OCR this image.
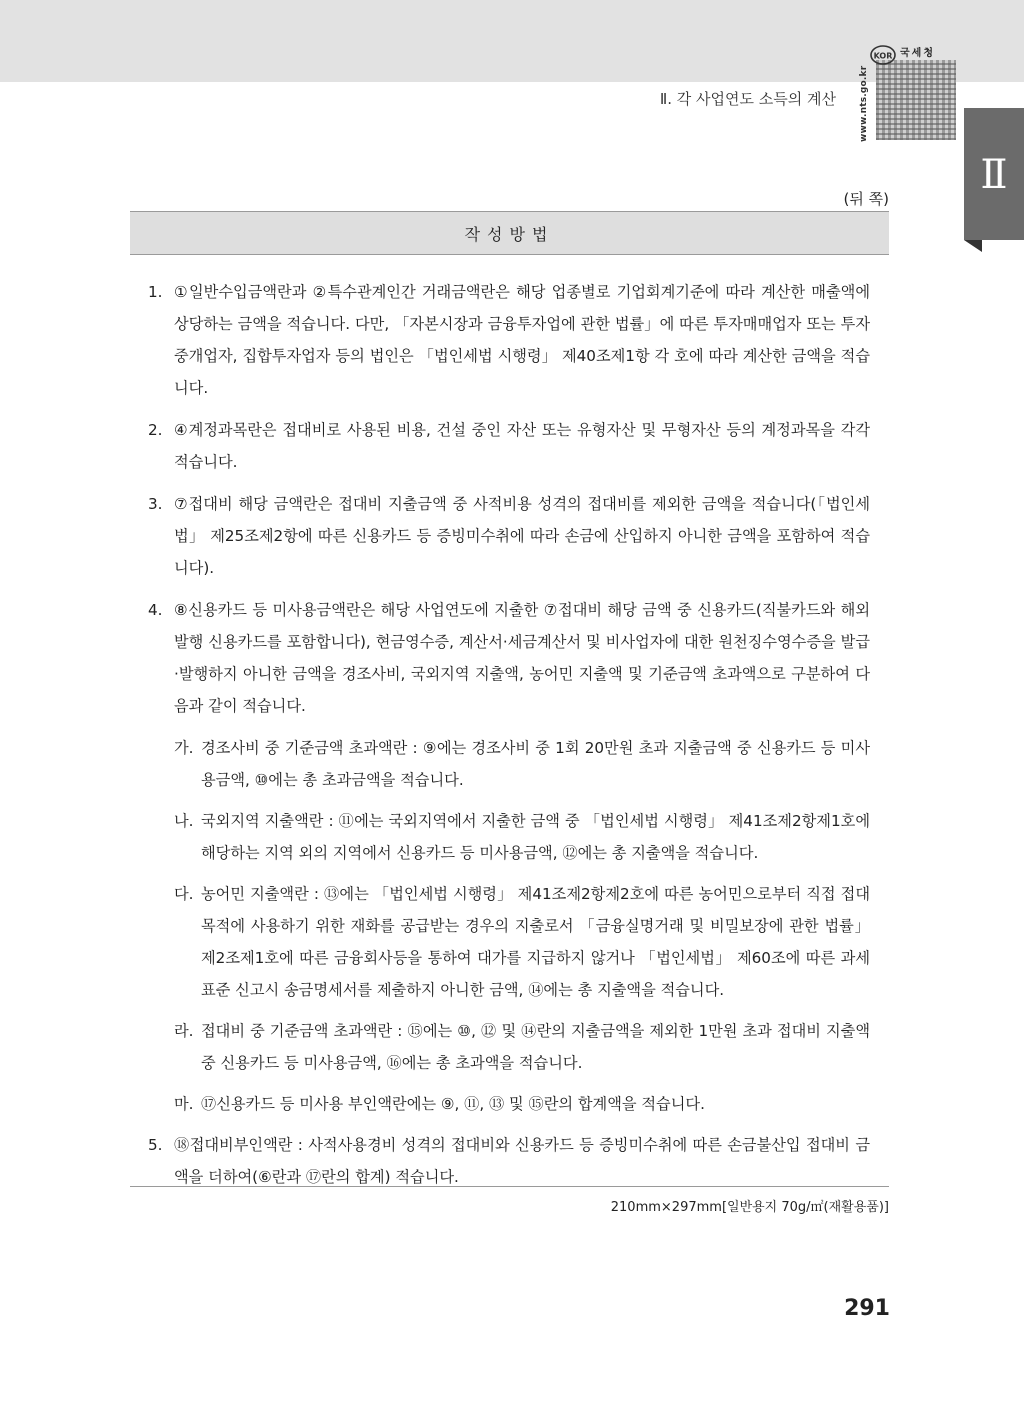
Ⅱ. 각 사업연도 소득의 계산	www.nts.go.kr
국세청
KOR
Ⅱ
(뒤 쪽)
작성방법
1. ①일반수입금액란과 ②특수관계인간 거래금액란은 해당 업종별로 기업회계기준에 따라 계산한 매출액에 상당하는 금액을 적습니다. 다만, 「자본시장과 금융투자업에 관한 법률」에 따른 투자매매업자 또는 투자중개업자, 집합투자업자 등의 법인은 「법인세법 시행령」 제40조제1항 각 호에 따라 계산한 금액을 적습니다.
2. ④계정과목란은 접대비로 사용된 비용, 건설 중인 자산 또는 유형자산 및 무형자산 등의 계정과목을 각각 적습니다.
3. ⑦접대비 해당 금액란은 접대비 지출금액 중 사적비용 성격의 접대비를 제외한 금액을 적습니다(「법인세법」 제25조제2항에 따른 신용카드 등 증빙미수취에 따라 손금에 산입하지 아니한 금액을 포함하여 적습니다).
4. ⑧신용카드 등 미사용금액란은 해당 사업연도에 지출한 ⑦접대비 해당 금액 중 신용카드(직불카드와 해외발행 신용카드를 포함합니다), 현금영수증, 계산서·세금계산서 및 비사업자에 대한 원천징수영수증을 발급·발행하지 아니한 금액을 경조사비, 국외지역 지출액, 농어민 지출액 및 기준금액 초과액으로 구분하여 다음과 같이 적습니다.
가. 경조사비 중 기준금액 초과액란 : ⑨에는 경조사비 중 1회 20만원 초과 지출금액 중 신용카드 등 미사용금액, ⑩에는 총 초과금액을 적습니다.
나. 국외지역 지출액란 : ⑪에는 국외지역에서 지출한 금액 중 「법인세법 시행령」 제41조제2항제1호에 해당하는 지역 외의 지역에서 신용카드 등 미사용금액, ⑫에는 총 지출액을 적습니다.
다. 농어민 지출액란 : ⑬에는 「법인세법 시행령」 제41조제2항제2호에 따른 농어민으로부터 직접 접대 목적에 사용하기 위한 재화를 공급받는 경우의 지출로서 「금융실명거래 및 비밀보장에 관한 법률」 제2조제1호에 따른 금융회사등을 통하여 대가를 지급하지 않거나 「법인세법」 제60조에 따른 과세표준 신고시 송금명세서를 제출하지 아니한 금액, ⑭에는 총 지출액을 적습니다.
라. 접대비 중 기준금액 초과액란 : ⑮에는 ⑩, ⑫ 및 ⑭란의 지출금액을 제외한 1만원 초과 접대비 지출액 중 신용카드 등 미사용금액, ⑯에는 총 초과액을 적습니다.
마. ⑰신용카드 등 미사용 부인액란에는 ⑨, ⑪, ⑬ 및 ⑮란의 합계액을 적습니다.
5. ⑱접대비부인액란 : 사적사용경비 성격의 접대비와 신용카드 등 증빙미수취에 따른 손금불산입 접대비 금액을 더하여(⑥란과 ⑰란의 합계) 적습니다.
210mm×297mm[일반용지 70g/㎡(재활용품)]
291
